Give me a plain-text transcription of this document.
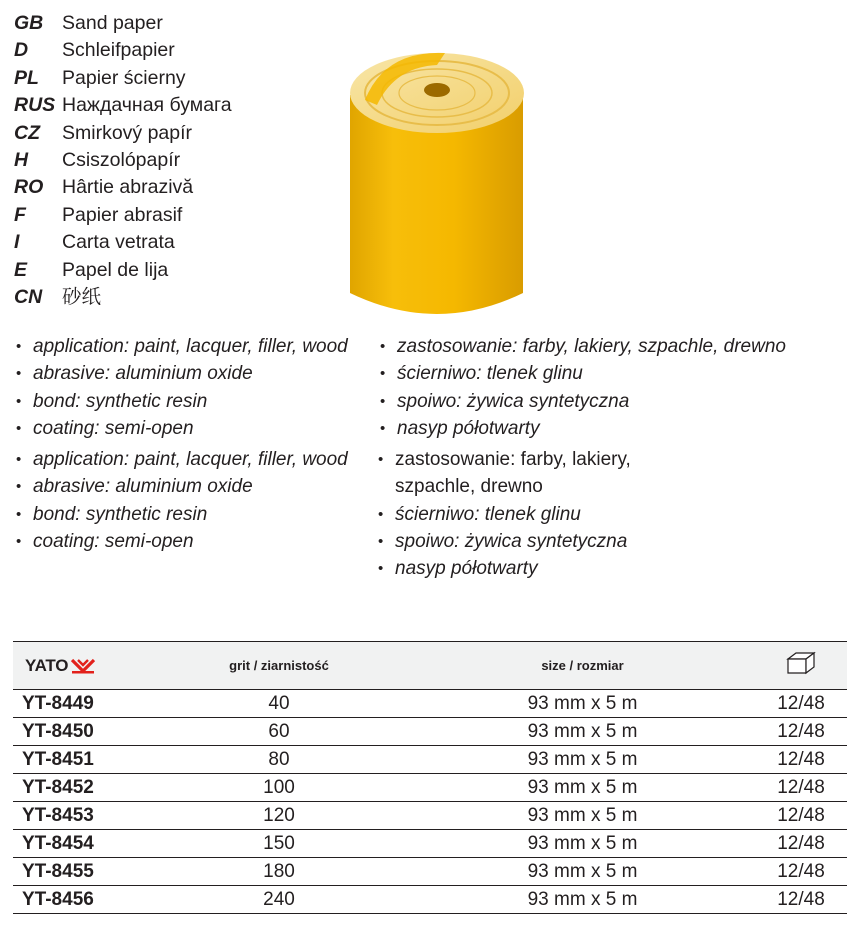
GB Sand paper
D Schleifpapier
PL Papier ścierny
RUS Наждачная бумага
CZ Smirkový papír
H Csiszolópapír
RO Hârtie abrazivă
F Papier abrasif
I Carta vetrata
E Papel de lija
CN 砂纸
• application: paint, lacquer, filler, wood
• abrasive: aluminium oxide
• bond: synthetic resin
• coating: semi-open
• zastosowanie: farby, lakiery, szpachle, drewno
• ścierniwo: tlenek glinu
• spoiwo: żywica syntetyczna
• nasyp półotwarty
• application: paint, lacquer, filler, wood
• abrasive: aluminium oxide
• bond: synthetic resin
• coating: semi-open
• zastosowanie: farby, lakiery,
szpachle, drewno
• ścierniwo: tlenek glinu
• spoiwo: żywica syntetyczna
• nasyp półotwarty
YATO	grit / ziarnistość	size / rozmiar	
YT-8449	40	93 mm x 5 m	12/48
YT-8450	60	93 mm x 5 m	12/48
YT-8451	80	93 mm x 5 m	12/48
YT-8452	100	93 mm x 5 m	12/48
YT-8453	120	93 mm x 5 m	12/48
YT-8454	150	93 mm x 5 m	12/48
YT-8455	180	93 mm x 5 m	12/48
YT-8456	240	93 mm x 5 m	12/48
